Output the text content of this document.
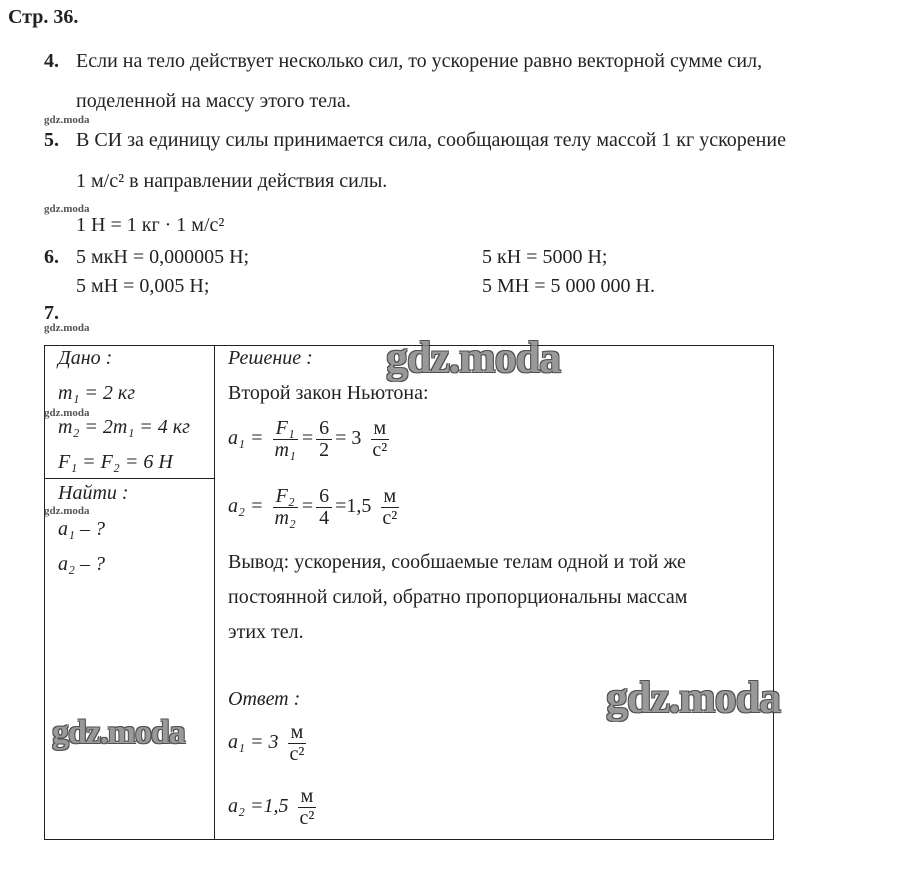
Стр. 36.
4. Если на тело действует несколько сил, то ускорение равно векторной сумме сил,
поделенной на массу этого тела.
gdz.moda
5. В СИ за единицу силы принимается сила, сообщающая телу массой 1 кг ускорение
1 м/с² в направлении действия силы.
gdz.moda
1 Н = 1 кг · 1 м/с²
6. 5 мкН = 0,000005 Н;	5 кН = 5000 Н;
5 мН = 0,005 Н;	5 МН = 5 000 000 Н.
7.
gdz.moda
Дано :
m₁ = 2 кг
gdz.moda
m₂ = 2m₁ = 4 кг
F₁ = F₂ = 6 Н
Найти :
gdz.moda
a₁ – ?
a₂ – ?
Решение :
Второй закон Ньютона:
$a_1 = \frac{\text{F₁}}{\text{m₁}} = \frac{6}{2} = 3 \frac{м}{\text{с²}}$
$a_2 = \frac{\text{F₂}}{\text{m₂}} = \frac{6}{4} =1,5 \frac{м}{\text{с²}}$
Вывод: ускорения, сообшаемые телам одной и той же
постоянной силой, обратно пропорциональны массам
этих тел.
Ответ :
$a_1 = 3 \frac{м}{\text{с²}}$
$a_2 =1,5 \frac{м}{\text{с²}}$
gdz.moda
gdz.moda
gdz.moda
